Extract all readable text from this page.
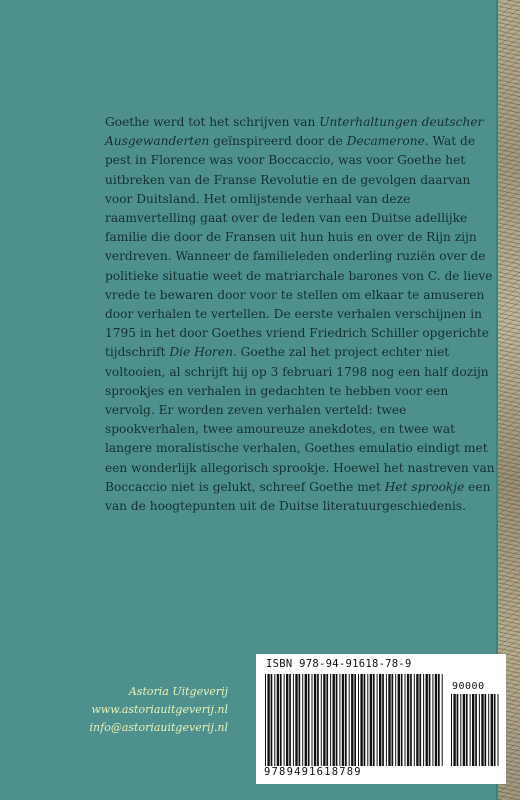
Goethe werd tot het schrijven van Unterhaltungen deutscher Ausgewanderten geïnspireerd door de Decamerone. Wat de pest in Florence was voor Boccaccio, was voor Goethe het uitbreken van de Franse Revolutie en de gevolgen daarvan voor Duitsland. Het omlijstende verhaal van deze raamvertelling gaat over de leden van een Duitse adellijke familie die door de Fransen uit hun huis en over de Rijn zijn verdreven. Wanneer de familieleden onderling ruziën over de politieke situatie weet de matriarchale barones von C. de lieve vrede te bewaren door voor te stellen om elkaar te amuseren door verhalen te vertellen. De eerste verhalen verschijnen in 1795 in het door Goethes vriend Friedrich Schiller opgerichte tijdschrift Die Horen. Goethe zal het project echter niet voltooien, al schrijft hij op 3 februari 1798 nog een half dozijn sprookjes en verhalen in gedachten te hebben voor een vervolg. Er worden zeven verhalen verteld: twee spookverhalen, twee amoureuze anekdotes, en twee wat langere moralistische verhalen, Goethes emulatio eindigt met een wonderlijk allegorisch sprookje. Hoewel het nastreven van Boccaccio niet is gelukt, schreef Goethe met Het sprookje een van de hoogtepunten uit de Duitse literatuurgeschiedenis.

Astoria Uitgeverij
www.astoriauitgeverij.nl
info@astoriauitgeverij.nl
ISBN 978-94-91618-78-9
90000
9789491618789
